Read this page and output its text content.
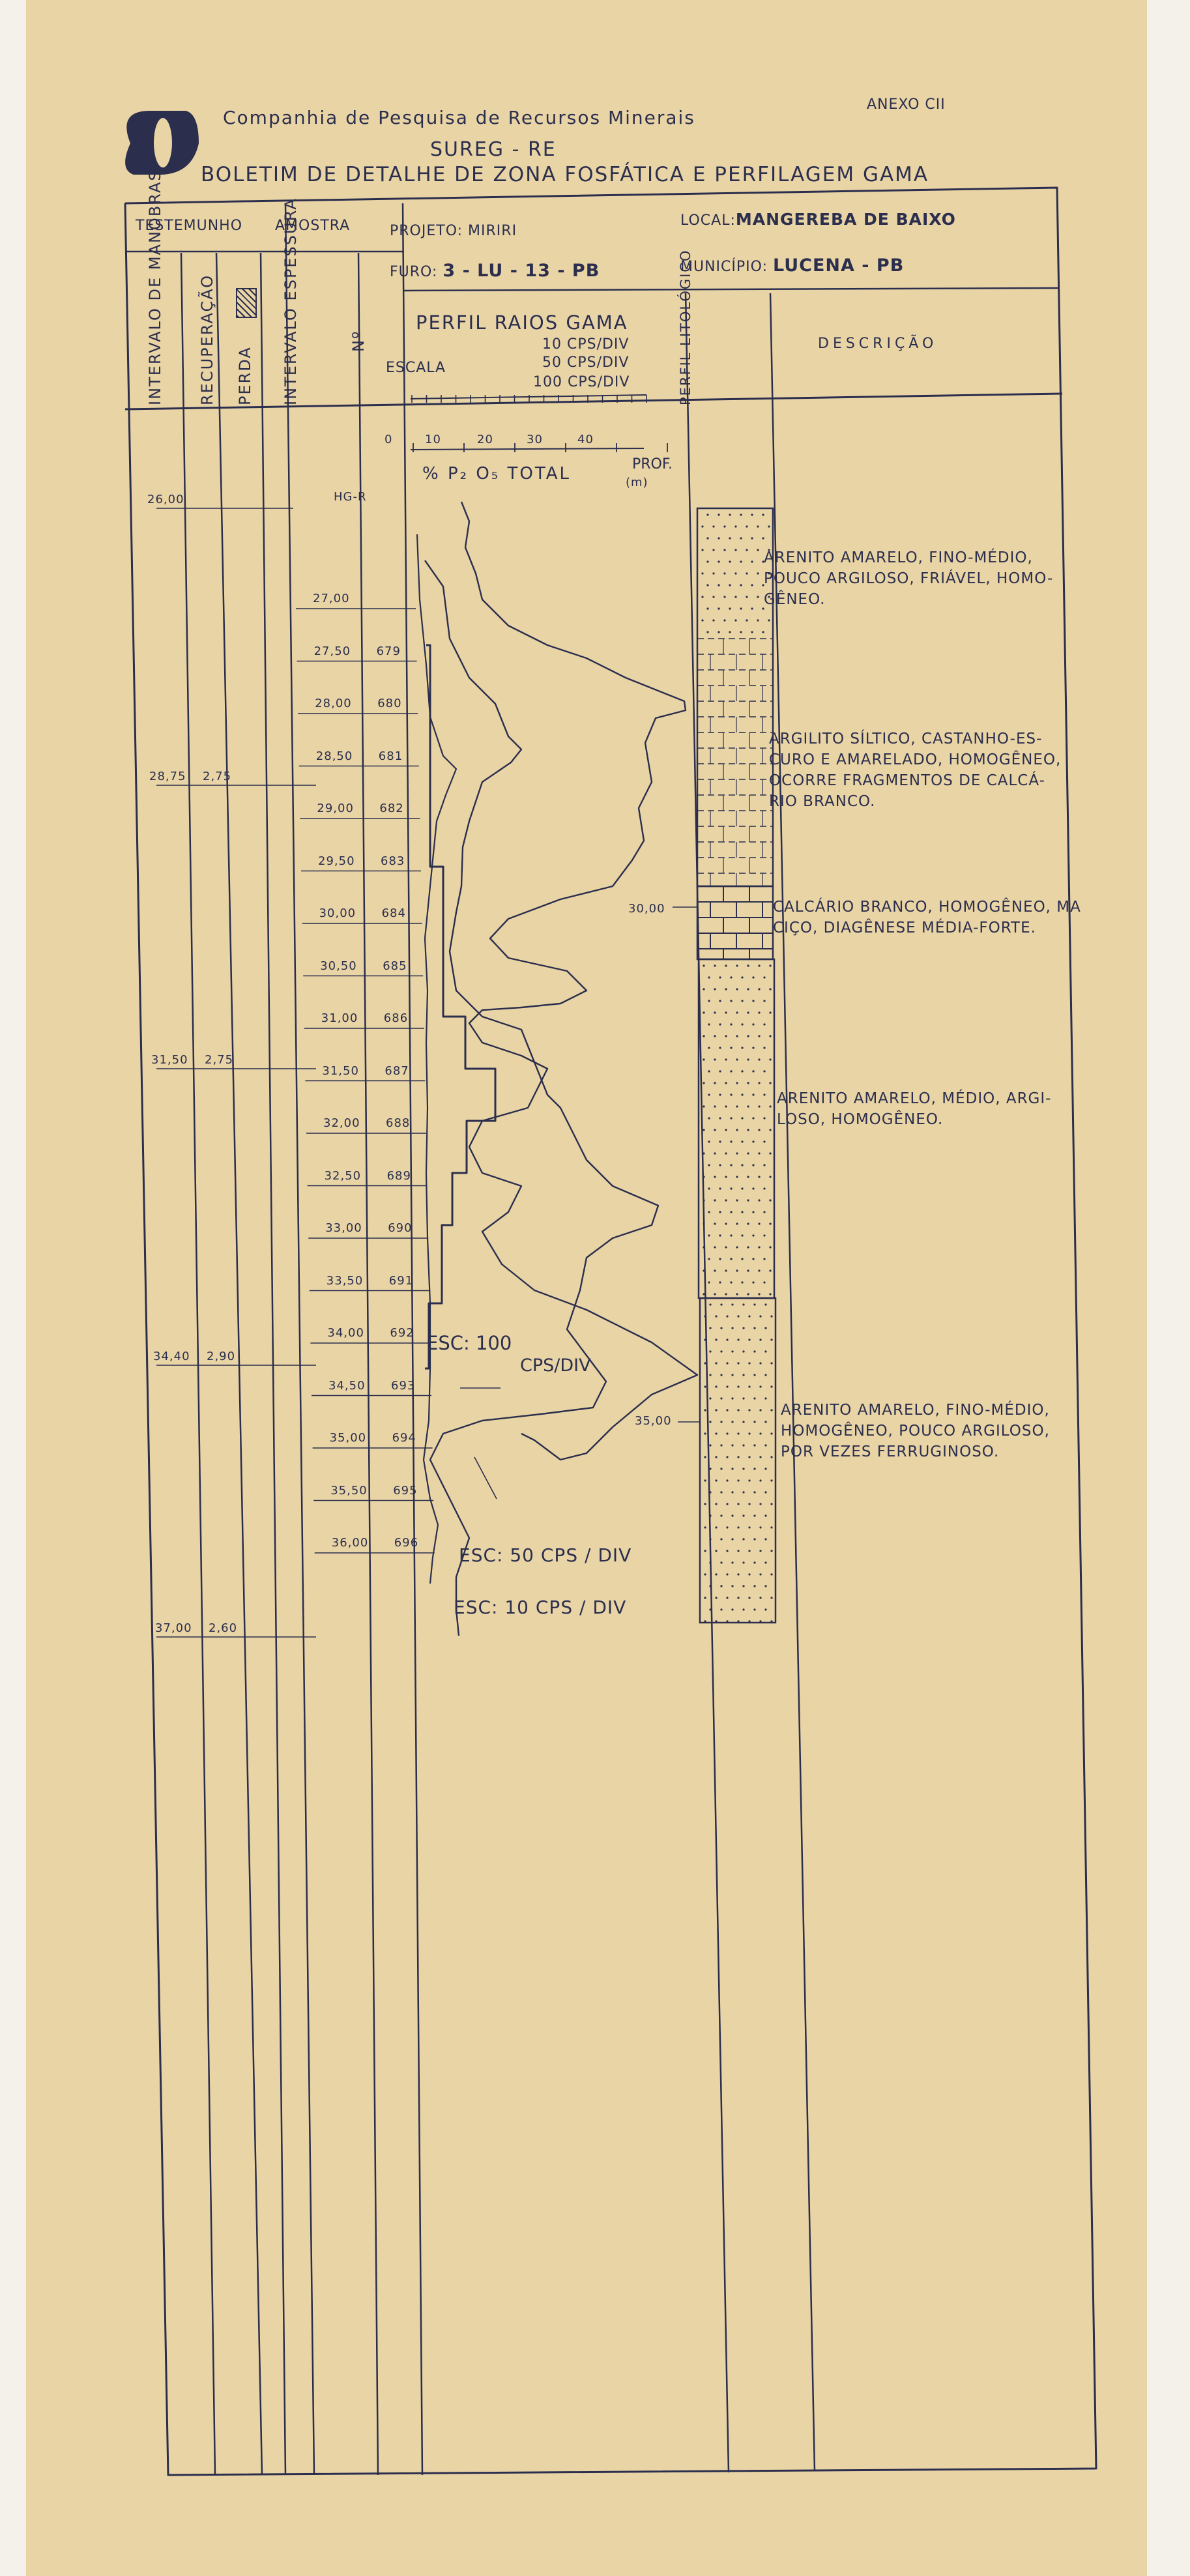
Companhia de Pesquisa de Recursos Minerais
ANEXO CII
SUREG - RE
BOLETIM DE DETALHE DE ZONA FOSFÁTICA E PERFILAGEM GAMA
TESTEMUNHO AMOSTRA
INTERVALO DE MANOBRAS RECUPERAÇÃO PERDA INTERVALO ESPESSURA	Nº	PERFIL LITOLÓGICO	DESCRIÇÃO
PROJETO: MIRIRI
LOCAL:MANGEREBA DE BAIXO
FURO: 3 - LU - 13 - PB	MUNICÍPIO: LUCENA - PB
PERFIL RAIOS GAMA
ESCALA
10 CPS/DIV
50 CPS/DIV
100 CPS/DIV
0	10	20	30	40
% P₂ O₅ TOTAL	PROF.
(m)
26,00
28,75 2,75
31,50 2,75
34,40 2,90
37,00 2,60
HG-R
27,00
27,50 679
28,00 680
28,50 681
29,00 682
29,50 683
30,00 684
30,50 685
31,00 686
31,50 687
32,00 688
32,50 689
33,00 690
33,50 691
34,00 692
34,50 693
35,00 694
35,50 695
36,00 696
30,00
35,00
ARENITO AMARELO, FINO-MÉDIO,
POUCO ARGILOSO, FRIÁVEL, HOMO-
GÊNEO.
ARGILITO SÍLTICO, CASTANHO-ES-
CURO E AMARELADO, HOMOGÊNEO,
OCORRE FRAGMENTOS DE CALCÁ-
RIO BRANCO.
CALCÁRIO BRANCO, HOMOGÊNEO, MA
CIÇO, DIAGÊNESE MÉDIA-FORTE.
ARENITO AMARELO, MÉDIO, ARGI-
LOSO, HOMOGÊNEO.
ARENITO AMARELO, FINO-MÉDIO,
HOMOGÊNEO, POUCO ARGILOSO,
POR VEZES FERRUGINOSO.
ESC: 100
CPS/DIV
ESC: 50 CPS / DIV
ESC: 10 CPS / DIV
